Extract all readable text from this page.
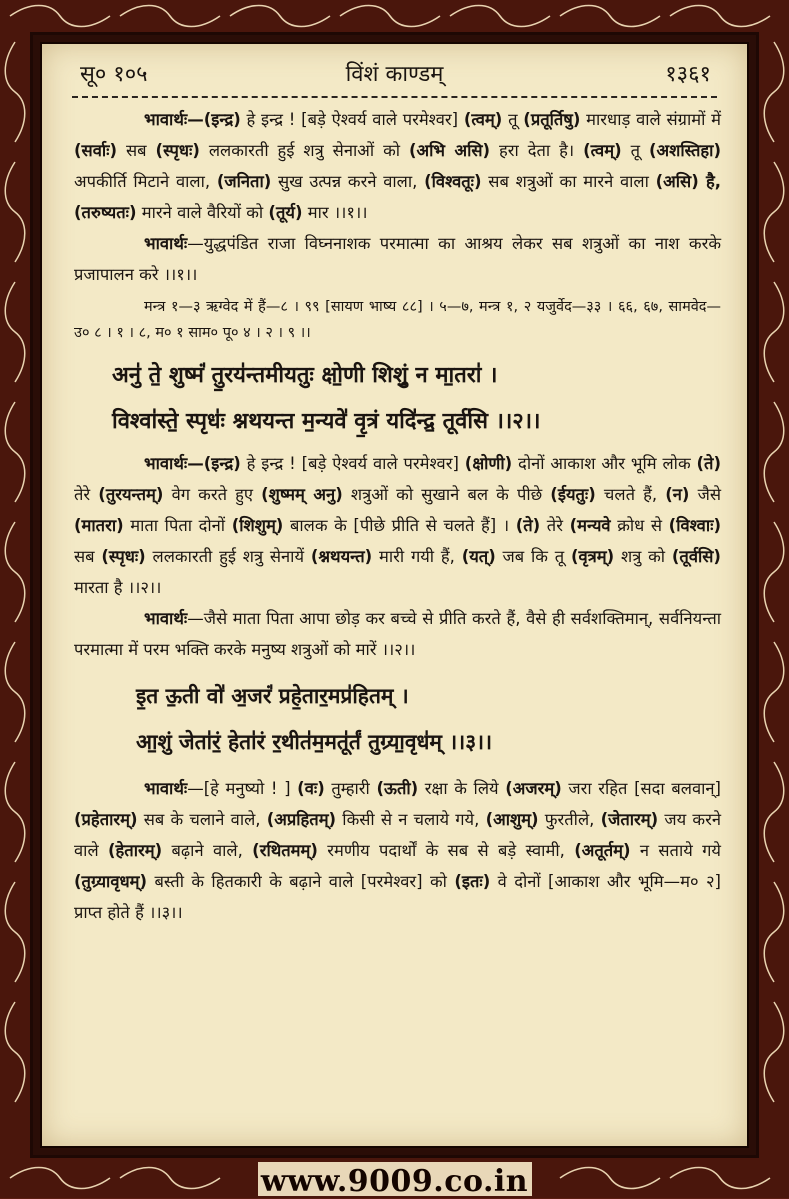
सू० १०५	विंशं काण्डम्	१३६१

भावार्थः—(इन्द्र) हे इन्द्र ! [बड़े ऐश्वर्य वाले परमेश्वर] (त्वम्) तू (प्रतूर्तिषु) मारधाड़ वाले संग्रामों में (सर्वाः) सब (स्पृधः) ललकारती हुई शत्रु सेनाओं को (अभि असि) हरा देता है। (त्वम्) तू (अशस्तिहा) अपकीर्ति मिटाने वाला, (जनिता) सुख उत्पन्न करने वाला, (विश्वतूः) सब शत्रुओं का मारने वाला (असि) है, (तरुष्यतः) मारने वाले वैरियों को (तूर्य) मार ।।१।।

भावार्थः—युद्धपंडित राजा विघ्ननाशक परमात्मा का आश्रय लेकर सब शत्रुओं का नाश करके प्रजापालन करे ।।१।।

मन्त्र १—३ ऋग्वेद में हैं—८ । ९९ [सायण भाष्य ८८] । ५—७, मन्त्र १, २ यजुर्वेद—३३ । ६६, ६७, सामवेद— उ० ८ । १ । ८, म० १ साम० पू० ४ । २ । ९ ।।

अनु॑ ते॒ शुष्मं॑ तु॒रय॑न्तमीयतुः क्षो॒णी शिशुं॒ न मा॒तरा॑ ।
विश्वा॑स्ते॒ स्पृधः॑ श्नथयन्त म॒न्यवे॑ वृ॒त्रं यदि॑न्द्र॒ तूर्व॑सि ।।२।।

भावार्थः—(इन्द्र) हे इन्द्र ! [बड़े ऐश्वर्य वाले परमेश्वर] (क्षोणी) दोनों आकाश और भूमि लोक (ते) तेरे (तुरयन्तम्) वेग करते हुए (शुष्मम् अनु) शत्रुओं को सुखाने बल के पीछे (ईयतुः) चलते हैं, (न) जैसे (मातरा) माता पिता दोनों (शिशुम्) बालक के [पीछे प्रीति से चलते हैं] । (ते) तेरे (मन्यवे क्रोध से (विश्वाः) सब (स्पृधः) ललकारती हुई शत्रु सेनायें (श्नथयन्त) मारी गयी हैं, (यत्) जब कि तू (वृत्रम्) शत्रु को (तूर्वसि) मारता है ।।२।।

भावार्थः—जैसे माता पिता आपा छोड़ कर बच्चे से प्रीति करते हैं, वैसे ही सर्वशक्तिमान्, सर्वनियन्ता परमात्मा में परम भक्ति करके मनुष्य शत्रुओं को मारें ।।२।।

इ॒त ऊ॒ती वो॑ अ॒जरं॑ प्रहे॒तार॒मप्र॑हितम् ।
आ॒शुं जेता॑रं॒ हेता॑रं र॒थीत॑म॒मतू॑र्तं तुग्र्या॒वृध॑म् ।।३।।

भावार्थः—[हे मनुष्यो ! ] (वः) तुम्हारी (ऊती) रक्षा के लिये (अजरम्) जरा रहित [सदा बलवान्] (प्रहेतारम्) सब के चलाने वाले, (अप्रहितम्) किसी से न चलाये गये, (आशुम्) फुरतीले, (जेतारम्) जय करने वाले (हेतारम्) बढ़ाने वाले, (रथितमम्) रमणीय पदार्थों के सब से बड़े स्वामी, (अतूर्तम्) न सताये गये (तुग्र्यावृधम्) बस्ती के हितकारी के बढ़ाने वाले [परमेश्वर] को (इतः) वे दोनों [आकाश और भूमि—म० २] प्राप्त होते हैं ।।३।।

www.9009.co.in
